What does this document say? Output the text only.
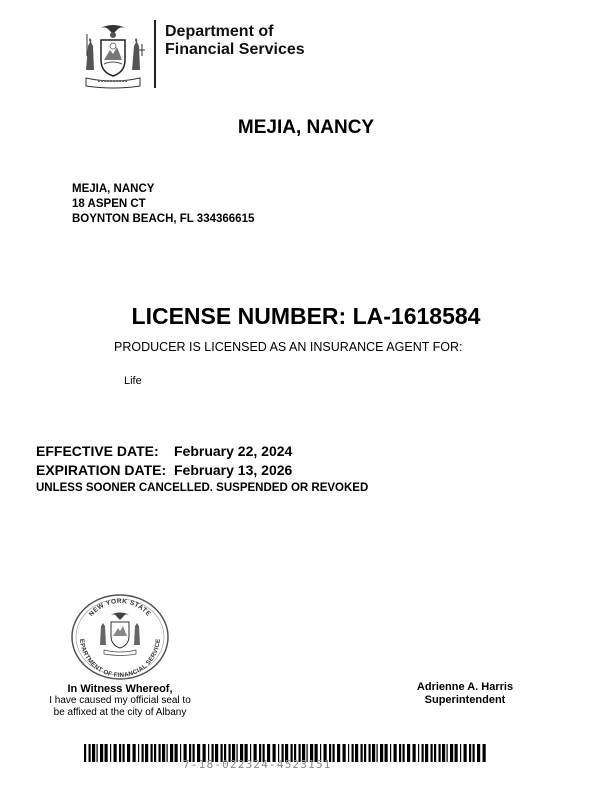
Department of
Financial Services
MEJIA, NANCY
MEJIA, NANCY
18 ASPEN CT
BOYNTON BEACH, FL 334366615
LICENSE NUMBER: LA-1618584
PRODUCER IS LICENSED AS AN INSURANCE AGENT FOR:
Life
EFFECTIVE DATE:	February 22, 2024
EXPIRATION DATE: February 13, 2026
UNLESS SOONER CANCELLED. SUSPENDED OR REVOKED
NEW YORK STATE
EPARTMENT OF FINANCIAL SERVICE
In Witness Whereof,
I have caused my official seal to
be affixed at the city of Albany
Adrienne A. Harris
Superintendent
7-18-022324-4523151
